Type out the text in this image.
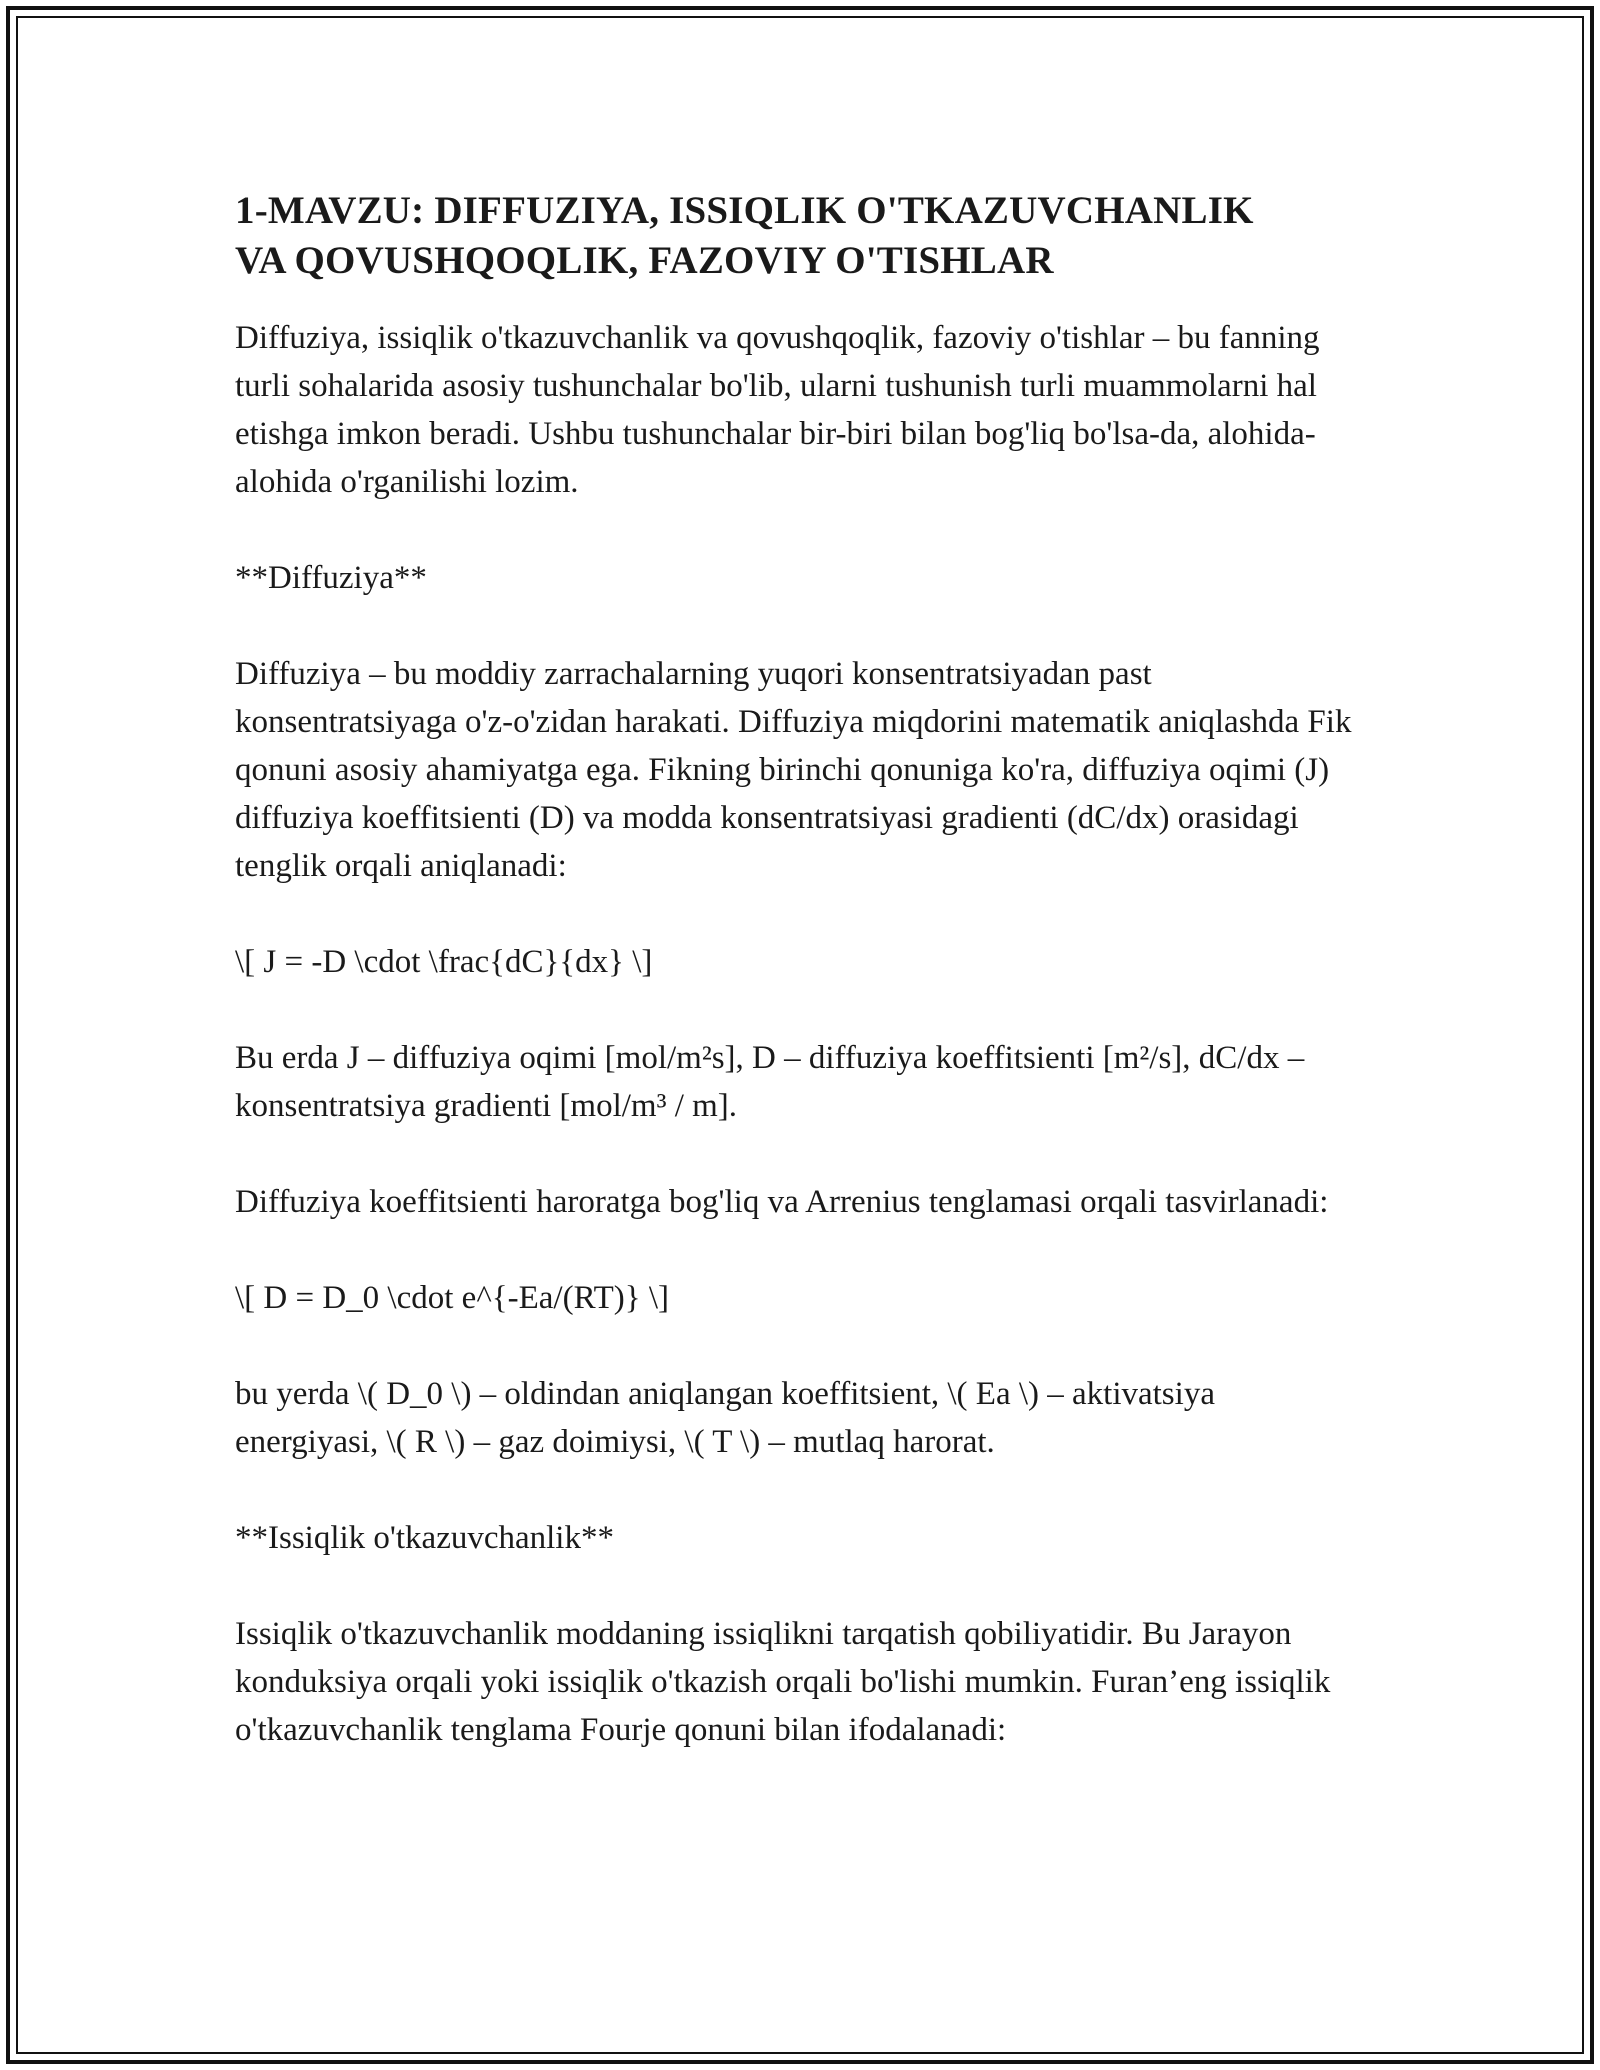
1-MAVZU: DIFFUZIYA, ISSIQLIK O'TKAZUVCHANLIK
VA QOVUSHQOQLIK, FAZOVIY O'TISHLAR

Diffuziya, issiqlik o'tkazuvchanlik va qovushqoqlik, fazoviy o'tishlar – bu fanning turli sohalarida asosiy tushunchalar bo'lib, ularni tushunish turli muammolarni hal etishga imkon beradi. Ushbu tushunchalar bir-biri bilan bog'liq bo'lsa-da, alohida-alohida o'rganilishi lozim.

**Diffuziya**

Diffuziya – bu moddiy zarrachalarning yuqori konsentratsiyadan past konsentratsiyaga o'z-o'zidan harakati. Diffuziya miqdorini matematik aniqlashda Fik qonuni asosiy ahamiyatga ega. Fikning birinchi qonuniga ko'ra, diffuziya oqimi (J) diffuziya koeffitsienti (D) va modda konsentratsiyasi gradienti (dC/dx) orasidagi tenglik orqali aniqlanadi:

\[ J = -D \cdot \frac{dC}{dx} \]

Bu erda J – diffuziya oqimi [mol/m²s], D – diffuziya koeffitsienti [m²/s], dC/dx – konsentratsiya gradienti [mol/m³ / m].

Diffuziya koeffitsienti haroratga bog'liq va Arrenius tenglamasi orqali tasvirlanadi:

\[ D = D_0 \cdot e^{-Ea/(RT)} \]

bu yerda \( D_0 \) – oldindan aniqlangan koeffitsient, \( Ea \) – aktivatsiya energiyasi, \( R \) – gaz doimiysi, \( T \) – mutlaq harorat.

**Issiqlik o'tkazuvchanlik**

Issiqlik o'tkazuvchanlik moddaning issiqlikni tarqatish qobiliyatidir. Bu Jarayon konduksiya orqali yoki issiqlik o'tkazish orqali bo'lishi mumkin. Furan’eng issiqlik o'tkazuvchanlik tenglama Fourje qonuni bilan ifodalanadi:
